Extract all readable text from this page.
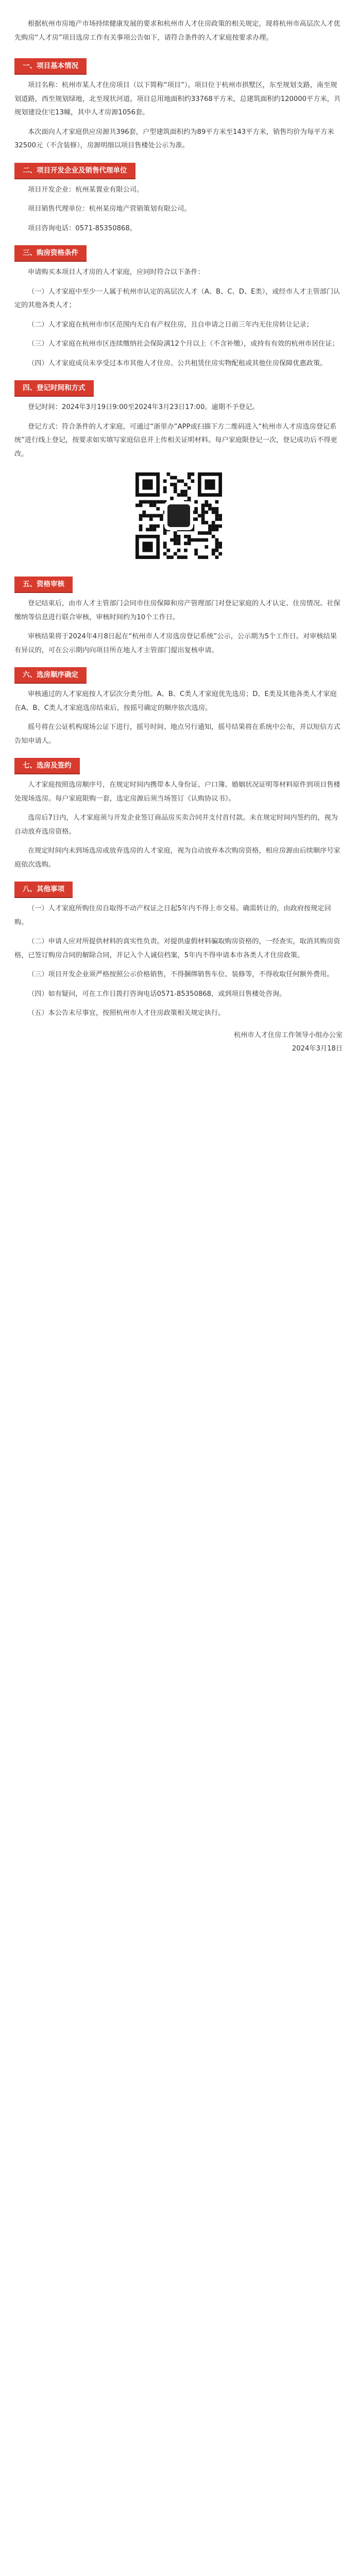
根据杭州市房地产市场持续健康发展的要求和杭州市人才住房政策的相关规定，现将杭州市高层次人才优先购房“人才房”项目选房工作有关事项公告如下，请符合条件的人才家庭按要求办理。

一、项目基本情况

项目名称：杭州市某人才住房项目（以下简称“项目”）。项目位于杭州市拱墅区，东至规划支路，南至规划道路，西至规划绿地，北至现状河道。项目总用地面积约33768平方米，总建筑面积约120000平方米，共规划建设住宅13幢，其中人才房源1056套。

本次面向人才家庭供应房源共396套，户型建筑面积约为89平方米至143平方米，销售均价为每平方米32500元（不含装修），房源明细以项目售楼处公示为准。

二、项目开发企业及销售代理单位

项目开发企业：杭州某置业有限公司。

项目销售代理单位：杭州某房地产营销策划有限公司。

项目咨询电话：0571-85350868。

三、购房资格条件

申请购买本项目人才房的人才家庭，应同时符合以下条件：

（一）人才家庭中至少一人属于杭州市认定的高层次人才（A、B、C、D、E类），或经市人才主管部门认定的其他各类人才；

（二）人才家庭在杭州市市区范围内无自有产权住房，且自申请之日前三年内无住房转让记录；

（三）人才家庭在杭州市区连续缴纳社会保险满12个月以上（不含补缴），或持有有效的杭州市居住证；

（四）人才家庭成员未享受过本市其他人才住房、公共租赁住房实物配租或其他住房保障优惠政策。

四、登记时间和方式

登记时间：2024年3月19日9:00至2024年3月23日17:00。逾期不予登记。

登记方式：符合条件的人才家庭，可通过“浙里办”APP或扫描下方二维码进入“杭州市人才房选房登记系统”进行线上登记，按要求如实填写家庭信息并上传相关证明材料。每户家庭限登记一次，登记成功后不得更改。

五、资格审核

登记结束后，由市人才主管部门会同市住房保障和房产管理部门对登记家庭的人才认定、住房情况、社保缴纳等信息进行联合审核，审核时间约为10个工作日。

审核结果将于2024年4月8日起在“杭州市人才房选房登记系统”公示，公示期为5个工作日。对审核结果有异议的，可在公示期内向项目所在地人才主管部门提出复核申请。

六、选房顺序确定

审核通过的人才家庭按人才层次分类分组。A、B、C类人才家庭优先选房；D、E类及其他各类人才家庭在A、B、C类人才家庭选房结束后，按摇号确定的顺序依次选房。

摇号将在公证机构现场公证下进行，摇号时间、地点另行通知，摇号结果将在系统中公布，并以短信方式告知申请人。

七、选房及签约

人才家庭按照选房顺序号，在规定时间内携带本人身份证、户口簿、婚姻状况证明等材料原件到项目售楼处现场选房。每户家庭限购一套，选定房源后须当场签订《认购协议书》。

选房后7日内，人才家庭须与开发企业签订商品房买卖合同并支付首付款。未在规定时间内签约的，视为自动放弃选房资格。

在规定时间内未到场选房或放弃选房的人才家庭，视为自动放弃本次购房资格，相应房源由后续顺序号家庭依次选购。

八、其他事项

（一）人才家庭所购住房自取得不动产权证之日起5年内不得上市交易。确需转让的，由政府按规定回购。

（二）申请人应对所提供材料的真实性负责。对提供虚假材料骗取购房资格的，一经查实，取消其购房资格，已签订购房合同的解除合同，并记入个人诚信档案，5年内不得申请本市各类人才住房政策。

（三）项目开发企业须严格按照公示价格销售，不得捆绑销售车位、装修等，不得收取任何额外费用。

（四）如有疑问，可在工作日拨打咨询电话0571-85350868，或到项目售楼处咨询。

（五）本公告未尽事宜，按照杭州市人才住房政策相关规定执行。

杭州市人才住房工作领导小组办公室
2024年3月18日
